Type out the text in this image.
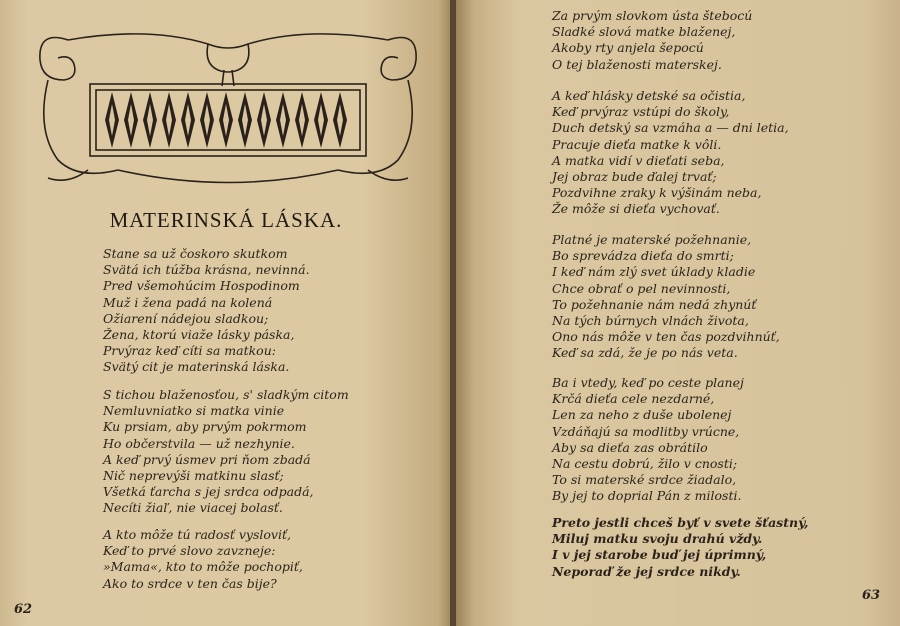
MATERINSKÁ LÁSKA.
Stane sa už čoskoro skutkom
Svätá ich túžba krásna, nevinná.
Pred všemohúcim Hospodinom
Muž i žena padá na kolená
Ožiarení nádejou sladkou;
Žena, ktorú viaže lásky páska,
Prvýraz keď cíti sa matkou:
Svätý cit je materinská láska.
S tichou blaženosťou, s' sladkým citom
Nemluvniatko si matka vinie
Ku prsiam, aby prvým pokrmom
Ho občerstvila — už nezhynie.
A keď prvý úsmev pri ňom zbadá
Nič neprevýši matkinu slasť;
Všetká ťarcha s jej srdca odpadá,
Necíti žiaľ, nie viacej bolasť.
A kto môže tú radosť vysloviť,
Keď to prvé slovo zavzneje:
»Mama«, kto to môže pochopiť,
Ako to srdce v ten čas bije?
62
Za prvým slovkom ústa štebocú
Sladké slová matke blaženej,
Akoby rty anjela šepocú
O tej blaženosti materskej.
A keď hlásky detské sa očistia,
Keď prvýraz vstúpi do školy,
Duch detský sa vzmáha a — dni letia,
Pracuje dieťa matke k vôli.
A matka vidí v dieťati seba,
Jej obraz bude ďalej trvať;
Pozdvihne zraky k výšinám neba,
Že môže si dieťa vychovať.
Platné je materské požehnanie,
Bo sprevádza dieťa do smrti;
I keď nám zlý svet úklady kladie
Chce obrať o pel nevinnosti,
To požehnanie nám nedá zhynúť
Na tých búrnych vlnách života,
Ono nás môže v ten čas pozdvihnúť,
Keď sa zdá, že je po nás veta.
Ba i vtedy, keď po ceste planej
Krčá dieťa cele nezdarné,
Len za neho z duše ubolenej
Vzdáňajú sa modlitby vrúcne,
Aby sa dieťa zas obrátilo
Na cestu dobrú, žilo v cnosti;
To si materské srdce žiadalo,
By jej to doprial Pán z milosti.
Preto jestli chceš byť v svete šťastný,
Miluj matku svoju drahú vždy.
I v jej starobe buď jej úprimný,
Neporaď že jej srdce nikdy.
63
